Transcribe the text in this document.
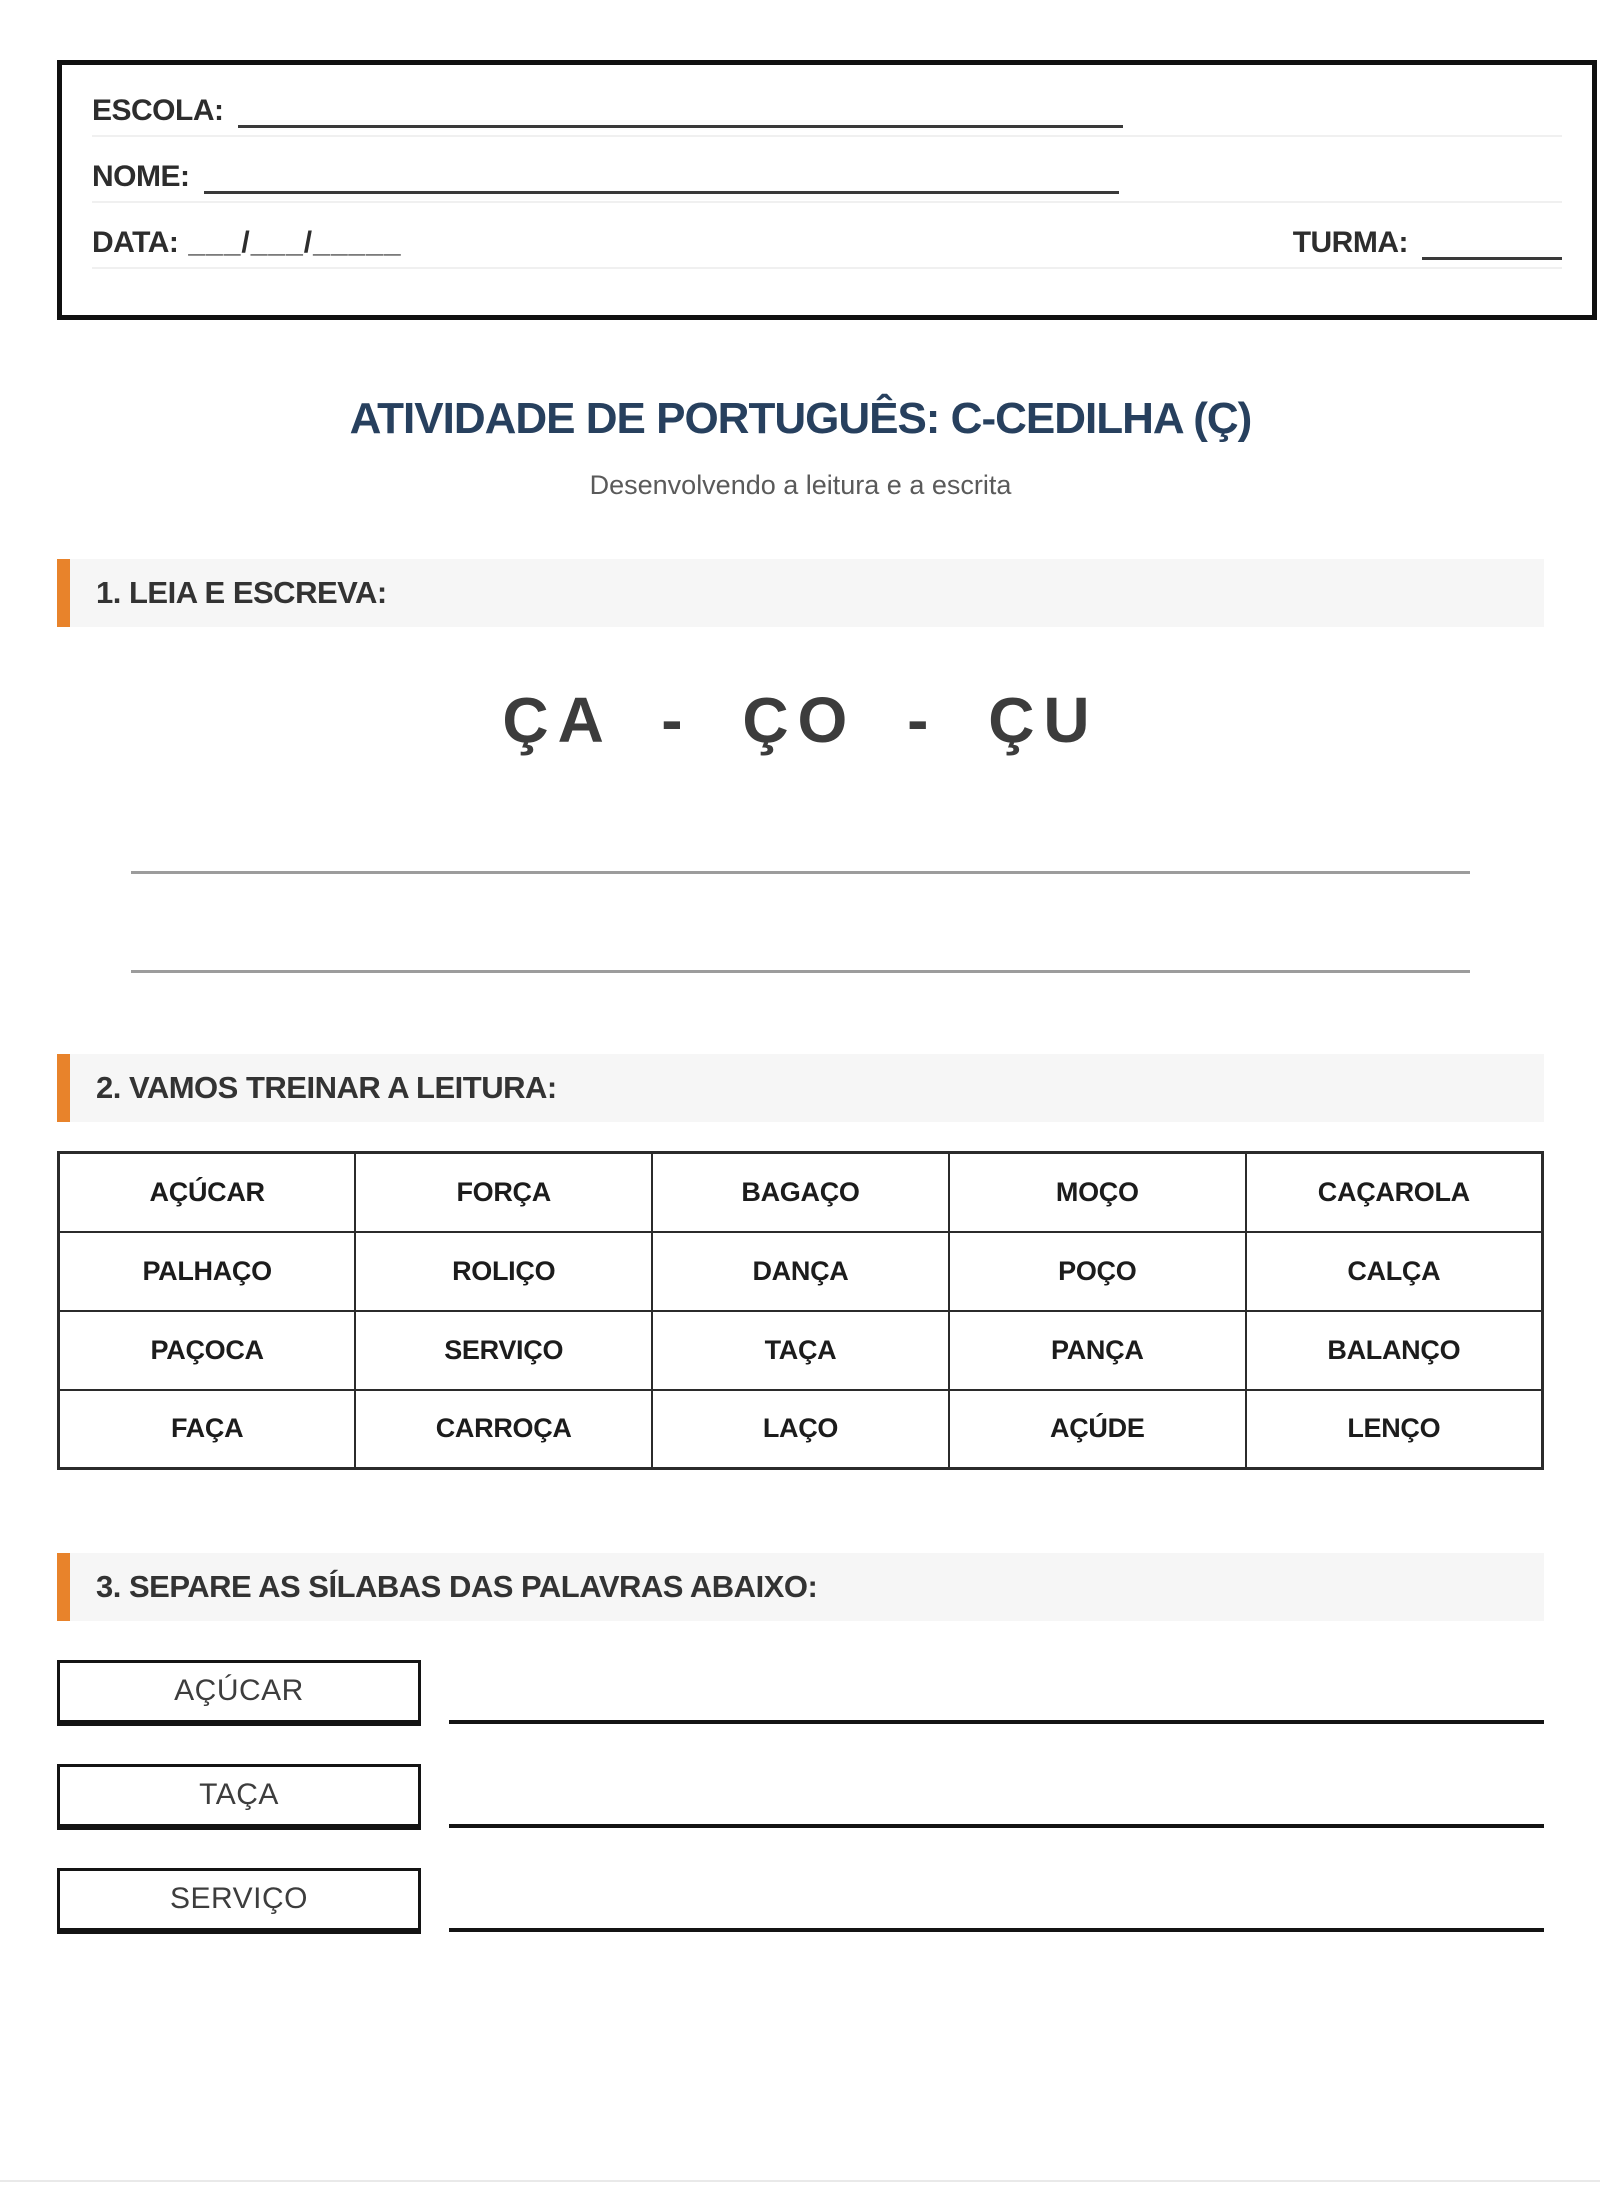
ESCOLA:
NOME:
DATA: ___/___/_____	TURMA:
ATIVIDADE DE PORTUGUÊS: C-CEDILHA (Ç)
Desenvolvendo a leitura e a escrita
1. LEIA E ESCREVA:
ÇA - ÇO - ÇU
2. VAMOS TREINAR A LEITURA:
AÇÚCAR	FORÇA	BAGAÇO	MOÇO	CAÇAROLA
PALHAÇO	ROLIÇO	DANÇA	POÇO	CALÇA
PAÇOCA	SERVIÇO	TAÇA	PANÇA	BALANÇO
FAÇA	CARROÇA	LAÇO	AÇÚDE	LENÇO
3. SEPARE AS SÍLABAS DAS PALAVRAS ABAIXO:
AÇÚCAR
TAÇA
SERVIÇO
